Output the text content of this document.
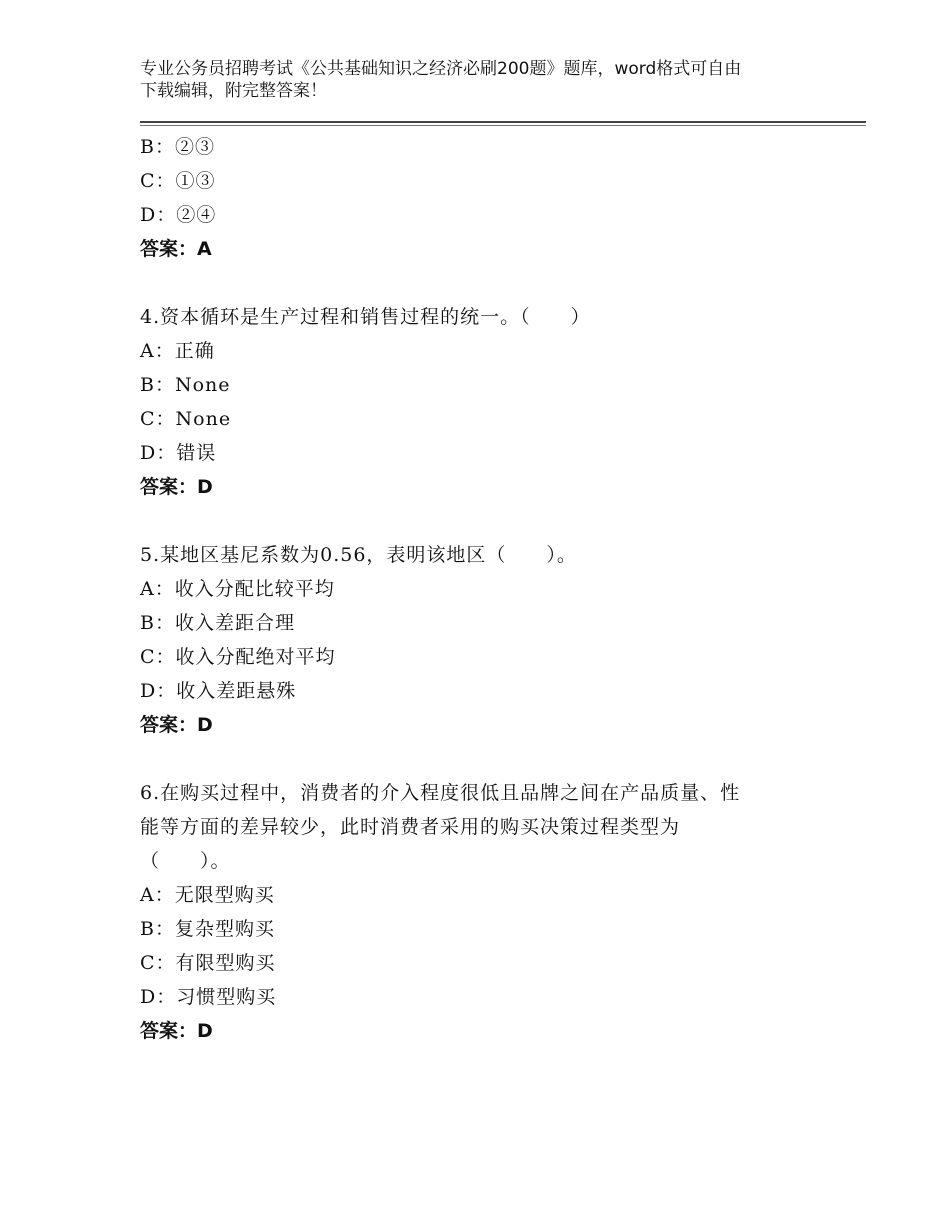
专业公务员招聘考试《公共基础知识之经济必刷200题》题库，word格式可自由
下载编辑，附完整答案！
B：②③
C：①③
D：②④
答案：A
4.资本循环是生产过程和销售过程的统一。（　　）
A：正确
B：None
C：None
D：错误
答案：D
5.某地区基尼系数为0.56，表明该地区（　　）。
A：收入分配比较平均
B：收入差距合理
C：收入分配绝对平均
D：收入差距悬殊
答案：D
6.在购买过程中，消费者的介入程度很低且品牌之间在产品质量、性
能等方面的差异较少，此时消费者采用的购买决策过程类型为
（　　）。
A：无限型购买
B：复杂型购买
C：有限型购买
D：习惯型购买
答案：D
